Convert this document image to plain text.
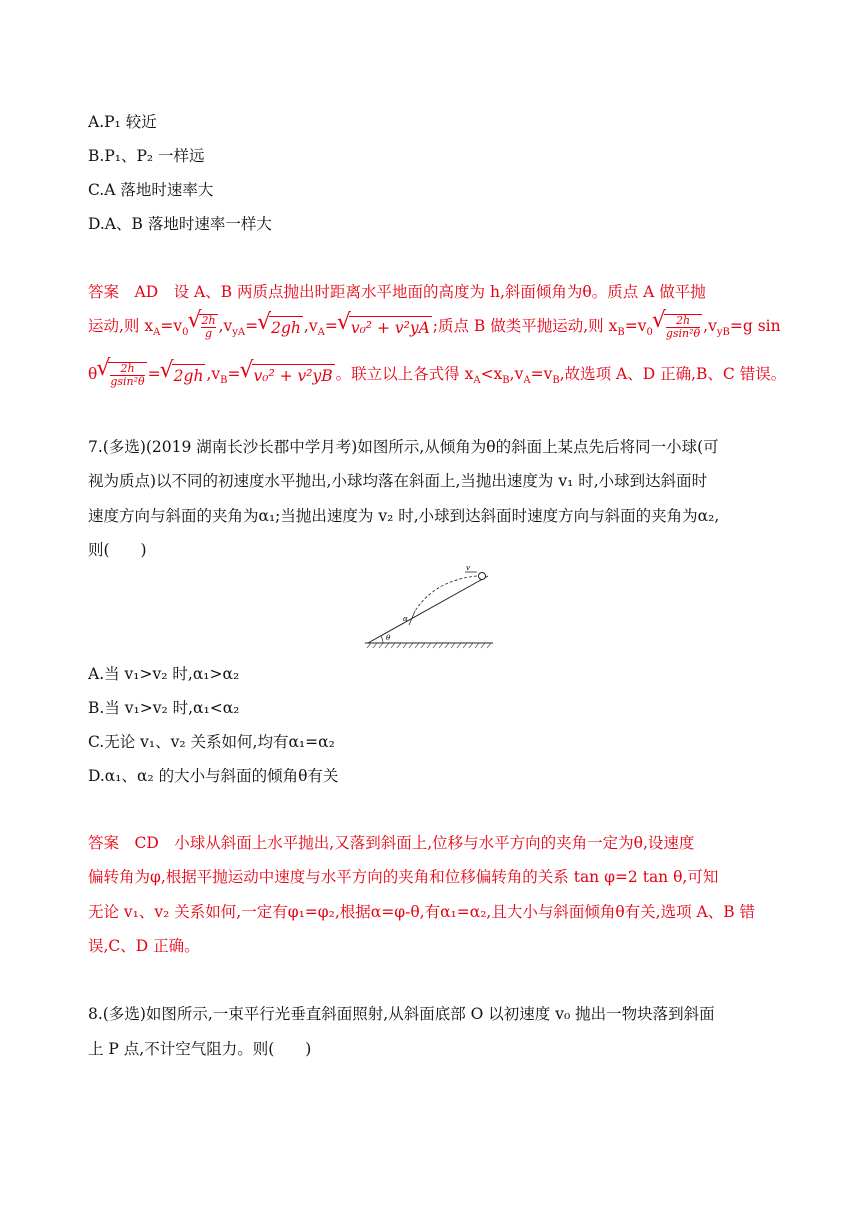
A.P₁ 较近
B.P₁、P₂ 一样远
C.A 落地时速率大
D.A、B 落地时速率一样大
答案　AD　设 A、B 两质点抛出时距离水平地面的高度为 h,斜面倾角为θ。质点 A 做平抛
运动,则 $x_A=v_0$
√ $\frac{2h}{g} ,v_{yA}=√$ 2gh $,v_A=√$ v₀² + v²yA ;质点 B 做类平抛运动,则 $x_B=v_0$
√ $\frac{2h}{\text{gsin²θ}} ,v_{yB}=g$ sin
θ
√ $\frac{2h}{\text{gsin²θ}}$ =√ 2gh $,v_B=√$ v₀² + v²yB 。联立以上各式得 $x_A<x_B,v_A=v_B$,故选项 A、D 正确,B、C 错误。
7.(多选)(2019 湖南长沙长郡中学月考)如图所示,从倾角为θ的斜面上某点先后将同一小球(可
视为质点)以不同的初速度水平抛出,小球均落在斜面上,当抛出速度为 v₁ 时,小球到达斜面时
速度方向与斜面的夹角为α₁;当抛出速度为 v₂ 时,小球到达斜面时速度方向与斜面的夹角为α₂,
则(　　)
v
α
θ
A.当 v₁>v₂ 时,α₁>α₂
B.当 v₁>v₂ 时,α₁<α₂
C.无论 v₁、v₂ 关系如何,均有α₁=α₂
D.α₁、α₂ 的大小与斜面的倾角θ有关
答案　CD　小球从斜面上水平抛出,又落到斜面上,位移与水平方向的夹角一定为θ,设速度
偏转角为φ,根据平抛运动中速度与水平方向的夹角和位移偏转角的关系 tan φ=2 tan θ,可知
无论 v₁、v₂ 关系如何,一定有φ₁=φ₂,根据α=φ-θ,有α₁=α₂,且大小与斜面倾角θ有关,选项 A、B 错
误,C、D 正确。
8.(多选)如图所示,一束平行光垂直斜面照射,从斜面底部 O 以初速度 v₀ 抛出一物块落到斜面
上 P 点,不计空气阻力。则(　　)
